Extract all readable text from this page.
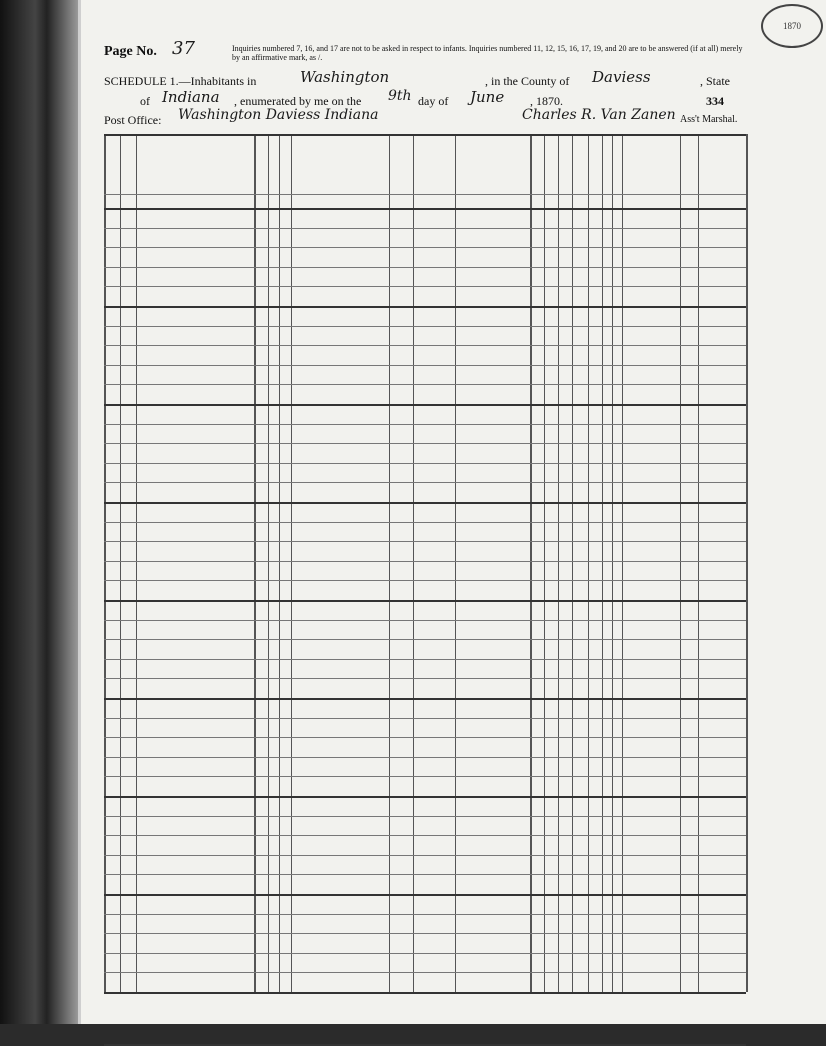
1870
Page No. 37	Inquiries numbered 7, 16, and 17 are not to be asked in respect to infants. Inquiries numbered 11, 12, 15, 16, 17, 19, and 20 are to be answered (if at all) merely by an affirmative mark, as /.
SCHEDULE 1.—Inhabitants in	Washington	, in the County of Daviess	, State
of Indiana , enumerated by me on the 9th day of June , 1870.	334
Post Office: Washington Daviess Indiana	Charles R. Van Zanen Ass't Marshal.
